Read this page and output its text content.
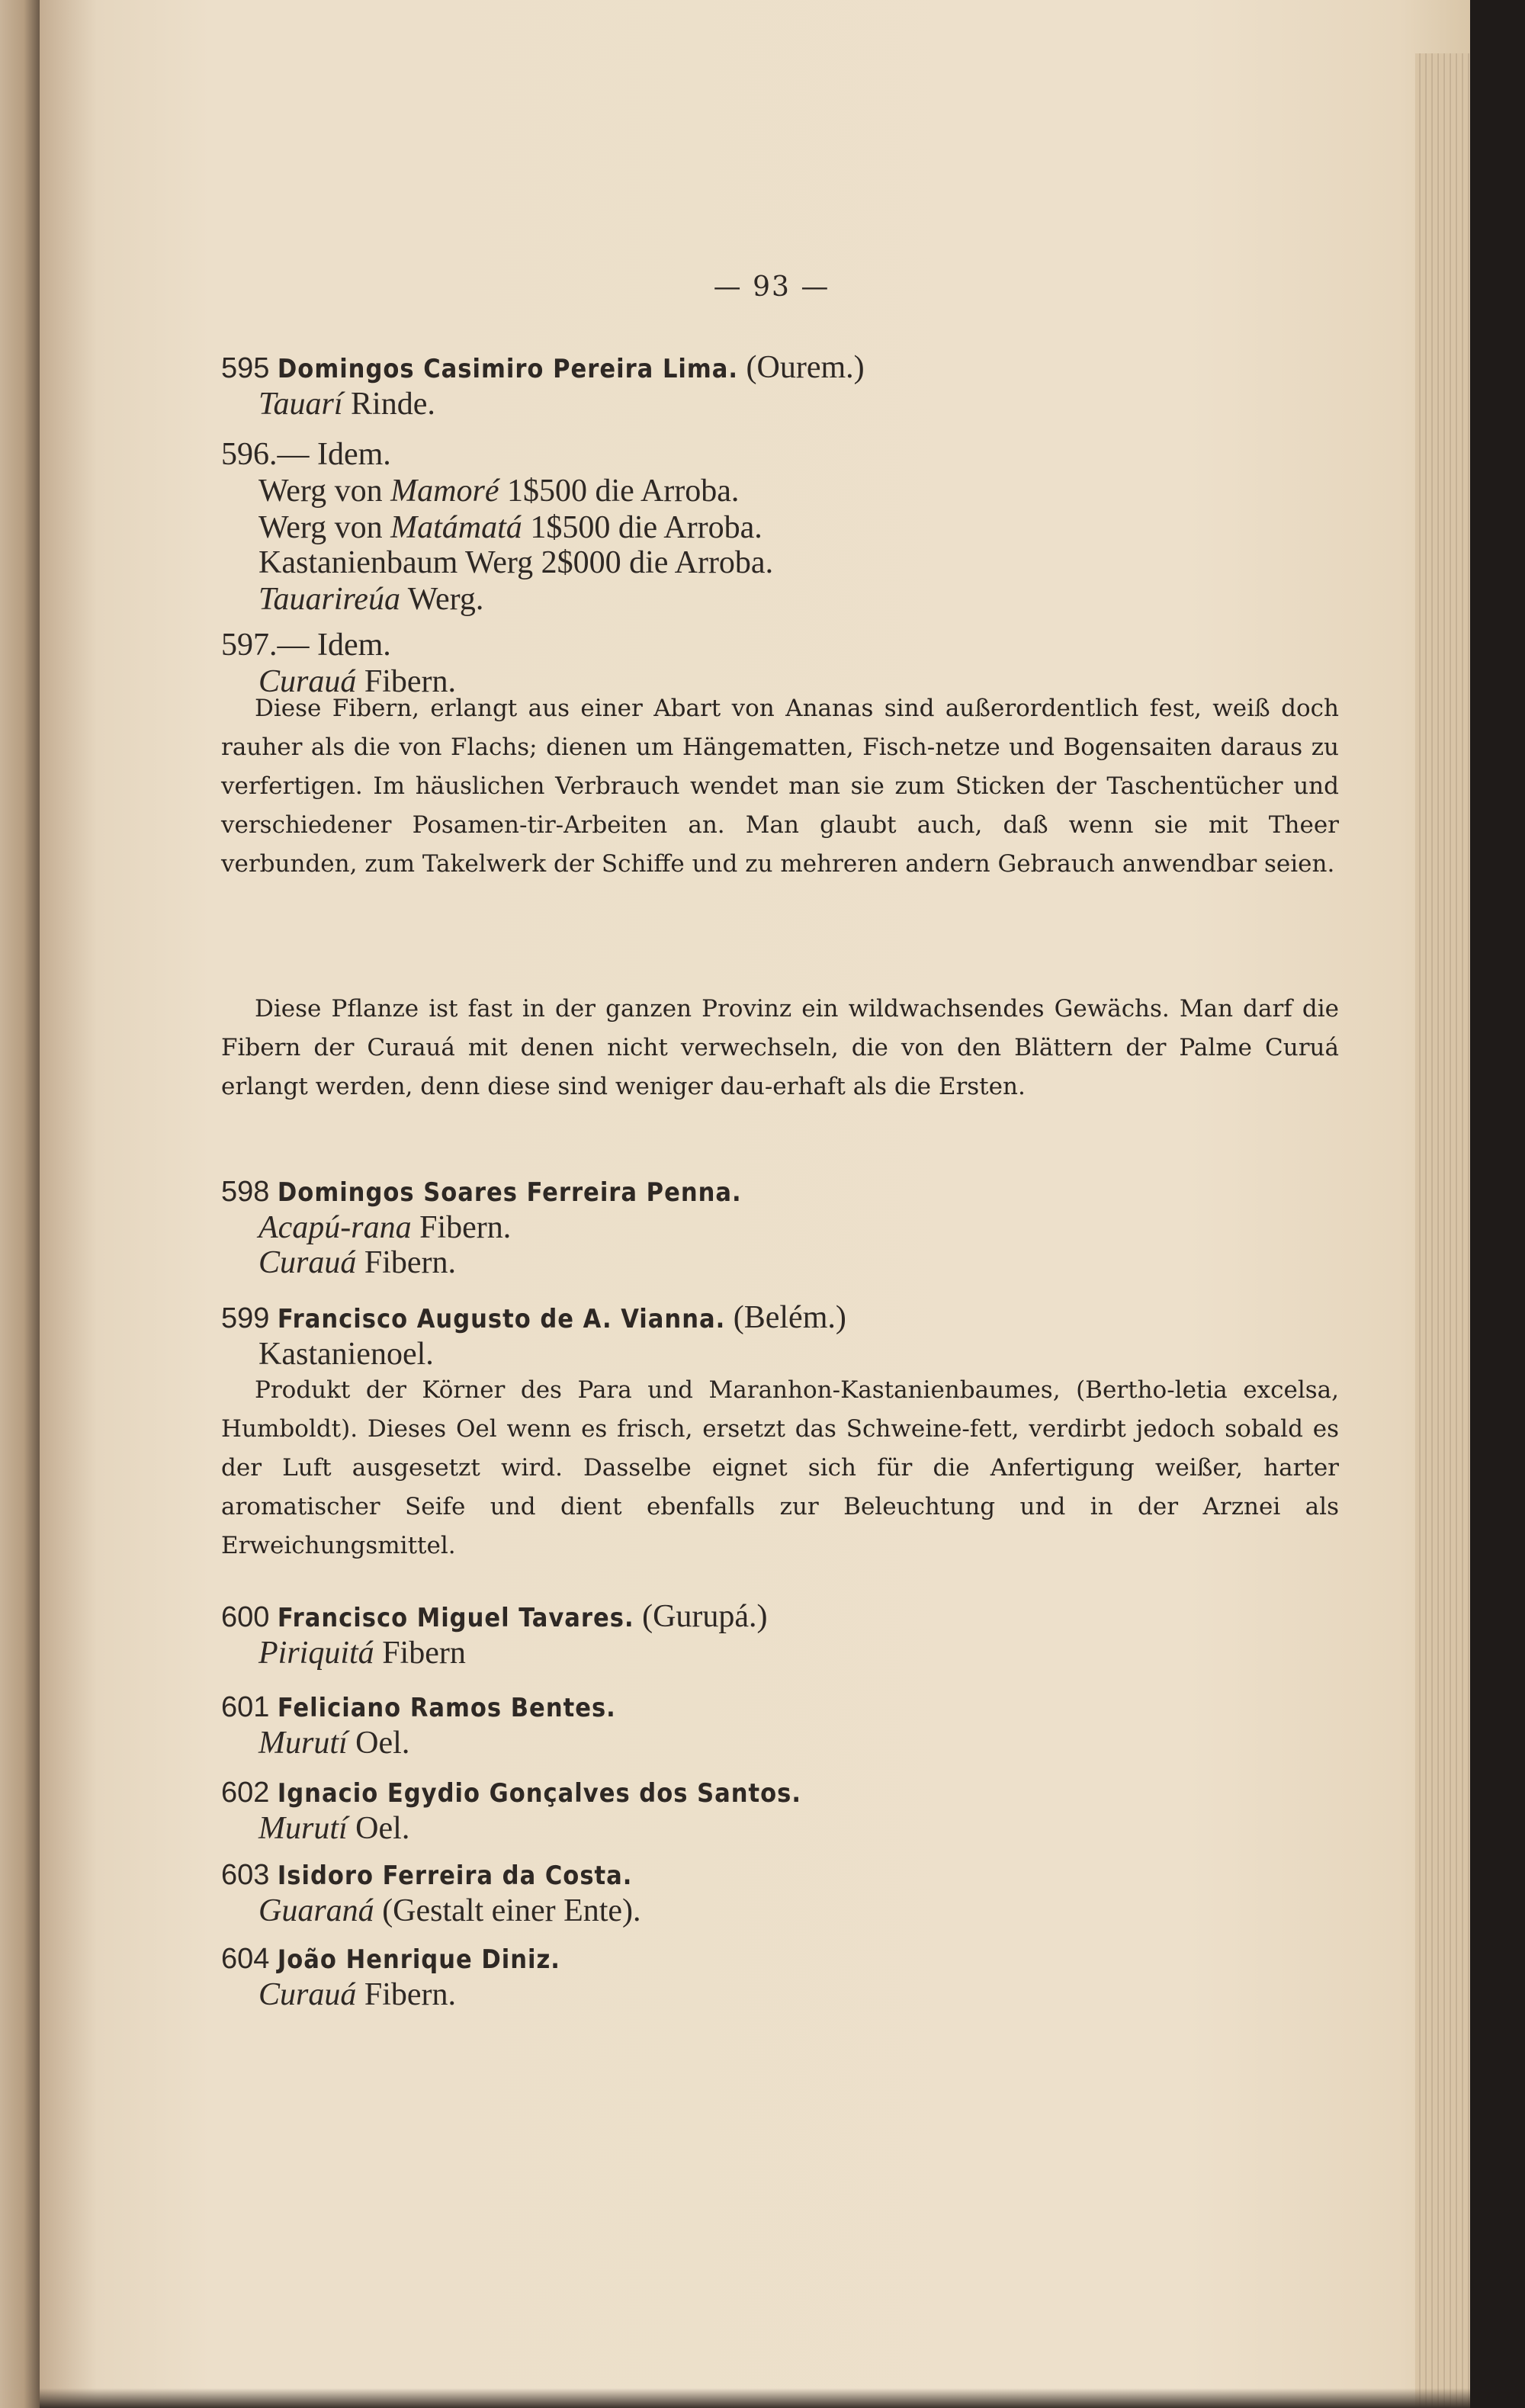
— 93 —
595 Domingos Casimiro Pereira Lima. (Ourem.)
Tauarí Rinde.
596.— Idem.
Werg von Mamoré 1$500 die Arroba.
Werg von Matámatá 1$500 die Arroba.
Kastanienbaum Werg 2$000 die Arroba.
Tauarireúa Werg.
597.— Idem.
Curauá Fibern.

Diese Fibern, erlangt aus einer Abart von Ananas sind außerordentlich fest, weiß doch rauher als die von Flachs; dienen um Hängematten, Fisch-netze und Bogensaiten daraus zu verfertigen. Im häuslichen Verbrauch wendet man sie zum Sticken der Taschentücher und verschiedener Posamen-tir-Arbeiten an. Man glaubt auch, daß wenn sie mit Theer verbunden, zum Takelwerk der Schiffe und zu mehreren andern Gebrauch anwendbar seien.

Diese Pflanze ist fast in der ganzen Provinz ein wildwachsendes Gewächs. Man darf die Fibern der Curauá mit denen nicht verwechseln, die von den Blättern der Palme Curuá erlangt werden, denn diese sind weniger dau-erhaft als die Ersten.

598 Domingos Soares Ferreira Penna.
Acapú-rana Fibern.
Curauá Fibern.
599 Francisco Augusto de A. Vianna. (Belém.)
Kastanienoel.

Produkt der Körner des Para und Maranhon-Kastanienbaumes, (Bertho-letia excelsa, Humboldt). Dieses Oel wenn es frisch, ersetzt das Schweine-fett, verdirbt jedoch sobald es der Luft ausgesetzt wird. Dasselbe eignet sich für die Anfertigung weißer, harter aromatischer Seife und dient ebenfalls zur Beleuchtung und in der Arznei als Erweichungsmittel.

600 Francisco Miguel Tavares. (Gurupá.)
Piriquitá Fibern
601 Feliciano Ramos Bentes.
Murutí Oel.
602 Ignacio Egydio Gonçalves dos Santos.
Murutí Oel.
603 Isidoro Ferreira da Costa.
Guaraná (Gestalt einer Ente).
604 João Henrique Diniz.
Curauá Fibern.
